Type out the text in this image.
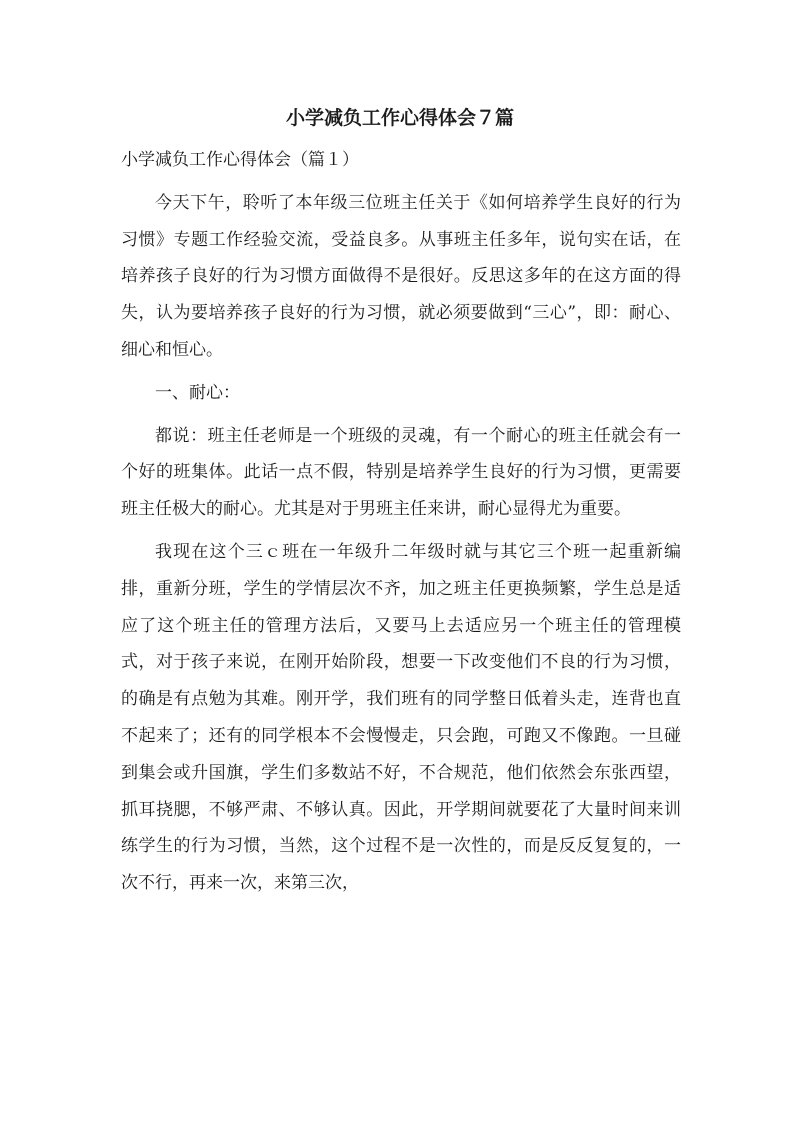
小学减负工作心得体会７篇

小学减负工作心得体会（篇１）

今天下午，聆听了本年级三位班主任关于《如何培养学生良好的行为习惯》专题工作经验交流，受益良多。从事班主任多年，说句实在话，在培养孩子良好的行为习惯方面做得不是很好。反思这多年的在这方面的得失，认为要培养孩子良好的行为习惯，就必须要做到“三心”，即：耐心、细心和恒心。

一、耐心：

都说：班主任老师是一个班级的灵魂，有一个耐心的班主任就会有一个好的班集体。此话一点不假，特别是培养学生良好的行为习惯，更需要班主任极大的耐心。尤其是对于男班主任来讲，耐心显得尤为重要。

我现在这个三ｃ班在一年级升二年级时就与其它三个班一起重新编排，重新分班，学生的学情层次不齐，加之班主任更换频繁，学生总是适应了这个班主任的管理方法后，又要马上去适应另一个班主任的管理模式，对于孩子来说，在刚开始阶段，想要一下改变他们不良的行为习惯，的确是有点勉为其难。刚开学，我们班有的同学整日低着头走，连背也直不起来了；还有的同学根本不会慢慢走，只会跑，可跑又不像跑。一旦碰到集会或升国旗，学生们多数站不好，不合规范，他们依然会东张西望，抓耳挠腮，不够严肃、不够认真。因此，开学期间就要花了大量时间来训练学生的行为习惯，当然，这个过程不是一次性的，而是反反复复的，一次不行，再来一次，来第三次，
